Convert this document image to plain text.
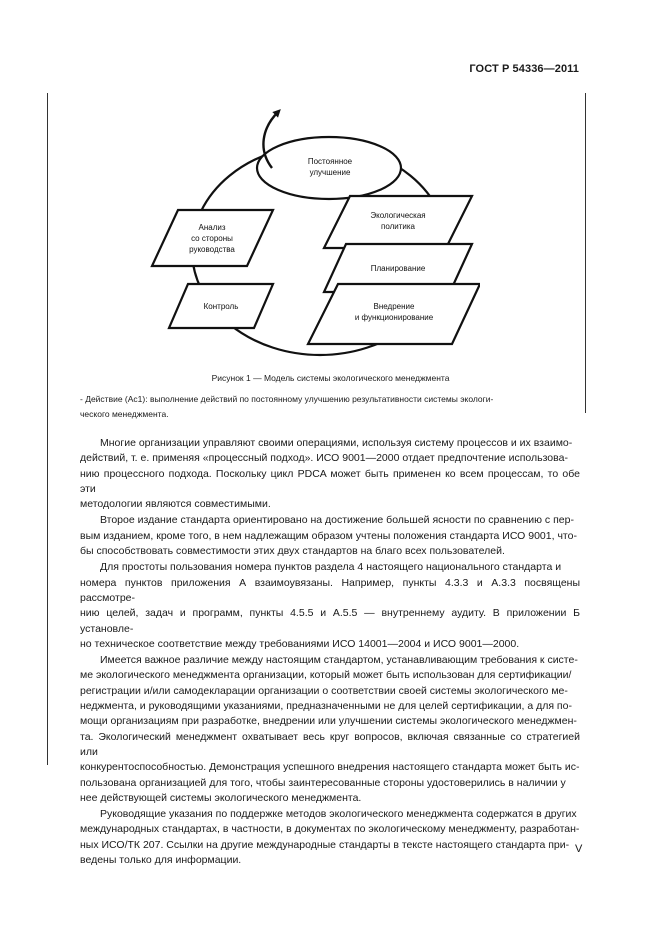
ГОСТ Р 54336—2011
Постоянное
улучшение
Анализ
со стороны
руководства
Контроль
Экологическая
политика
Планирование
Внедрение
и функционирование
Рисунок 1 — Модель системы экологического менеджмента
- Действие (Ас1): выполнение действий по постоянному улучшению результативности системы экологи-
ческого менеджмента.

Многие организации управляют своими операциями, используя систему процессов и их взаимо-
действий, т. е. применяя «процессный подход». ИСО 9001—2000 отдает предпочтение использова-
нию процессного подхода. Поскольку цикл PDCA может быть применен ко всем процессам, то обе эти
методологии являются совместимыми.

Второе издание стандарта ориентировано на достижение большей ясности по сравнению с пер-
вым изданием, кроме того, в нем надлежащим образом учтены положения стандарта ИСО 9001, что-
бы способствовать совместимости этих двух стандартов на благо всех пользователей.

Для простоты пользования номера пунктов раздела 4 настоящего национального стандарта и
номера пунктов приложения А взаимоувязаны. Например, пункты 4.3.3 и А.3.3 посвящены рассмотре-
нию целей, задач и программ, пункты 4.5.5 и А.5.5 — внутреннему аудиту. В приложении Б установле-
но техническое соответствие между требованиями ИСО 14001—2004 и ИСО 9001—2000.

Имеется важное различие между настоящим стандартом, устанавливающим требования к систе-
ме экологического менеджмента организации, который может быть использован для сертификации/
регистрации и/или самодекларации организации о соответствии своей системы экологического ме-
неджмента, и руководящими указаниями, предназначенными не для целей сертификации, а для по-
мощи организациям при разработке, внедрении или улучшении системы экологического менеджмен-
та. Экологический менеджмент охватывает весь круг вопросов, включая связанные со стратегией или
конкурентоспособностью. Демонстрация успешного внедрения настоящего стандарта может быть ис-
пользована организацией для того, чтобы заинтересованные стороны удостоверились в наличии у
нее действующей системы экологического менеджмента.

Руководящие указания по поддержке методов экологического менеджмента содержатся в других
международных стандартах, в частности, в документах по экологическому менеджменту, разработан-
ных ИСО/ТК 207. Ссылки на другие международные стандарты в тексте настоящего стандарта при-
ведены только для информации.

V
